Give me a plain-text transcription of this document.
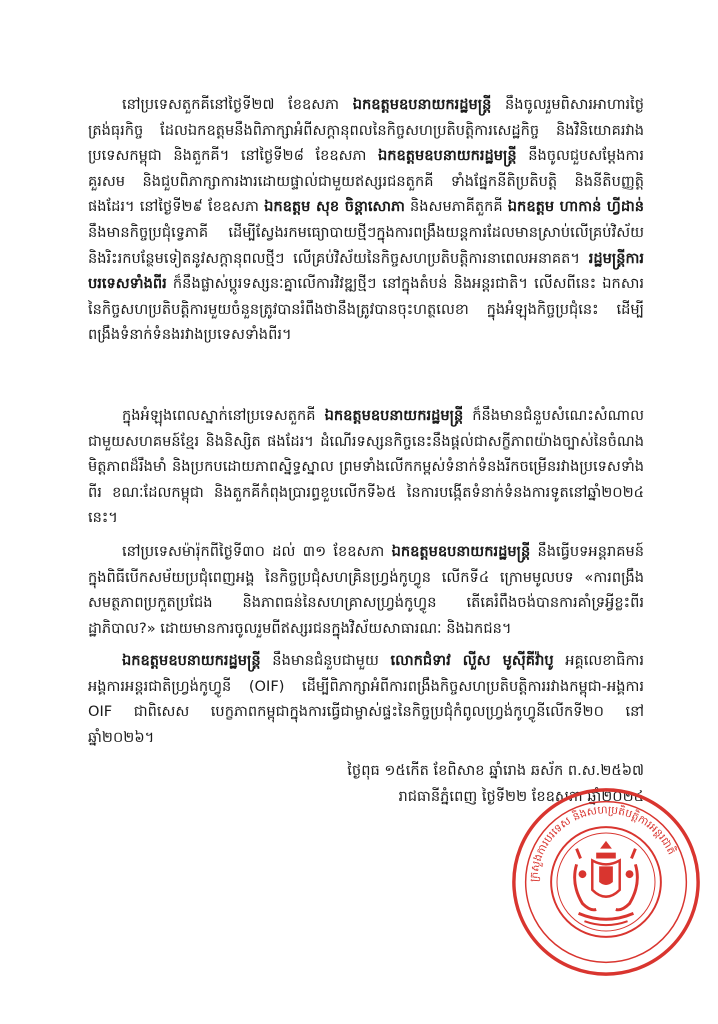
នៅប្រទេសតួកគីនៅថ្ងៃទី២៧ ខែឧសភា ឯកឧត្តមឧបនាយករដ្ឋមន្ត្រី នឹងចូលរួមពិសារអាហារថ្ងៃត្រង់ធុរកិច្ច ដែលឯកឧត្តមនឹងពិភាក្សាអំពីសក្តានុពលនៃកិច្ចសហប្រតិបត្តិការសេដ្ឋកិច្ច និងវិនិយោគរវាងប្រទេសកម្ពុជា និងតួកគី។ នៅថ្ងៃទី២៨ ខែឧសភា ឯកឧត្តមឧបនាយករដ្ឋមន្ត្រី នឹងចូលជួបសម្តែងការគួរសម និងជួបពិភាក្សាការងារដោយផ្ទាល់ជាមួយឥស្សរជនតួកគី ទាំងផ្នែកនីតិប្រតិបត្តិ និងនីតិបញ្ញត្តិផងដែរ។ នៅថ្ងៃទី២៩ ខែឧសភា ឯកឧត្តម សុខ ចិន្តាសោភា និងសមភាគីតួកគី ឯកឧត្តម ហាកាន់ ហ្វីដាន់ នឹងមានកិច្ចប្រជុំទ្វេភាគី ដើម្បីស្វែងរកមធ្យោបាយថ្មីៗក្នុងការពង្រឹងយន្តការដែលមានស្រាប់លើគ្រប់វិស័យ និងរិះរកបន្ថែមទៀតនូវសក្តានុពលថ្មីៗ លើគ្រប់វិស័យនៃកិច្ចសហប្រតិបត្តិការនាពេលអនាគត។ រដ្ឋមន្ត្រីការបរទេសទាំងពីរ ក៏នឹងផ្លាស់ប្តូរទស្សនៈគ្នាលើការវិវឌ្ឍថ្មីៗ នៅក្នុងតំបន់ និងអន្តរជាតិ។ លើសពីនេះ ឯកសារនៃកិច្ចសហប្រតិបត្តិការមួយចំនួនត្រូវបានរំពឹងថានឹងត្រូវបានចុះហត្ថលេខា ក្នុងអំឡុងកិច្ចប្រជុំនេះ ដើម្បីពង្រឹងទំនាក់ទំនងរវាងប្រទេសទាំងពីរ។
ក្នុងអំឡុងពេលស្នាក់នៅប្រទេសតួកគី ឯកឧត្តមឧបនាយករដ្ឋមន្ត្រី ក៏នឹងមានជំនួបសំណេះសំណាលជាមួយសហគមន៍ខ្មែរ និងនិស្សិត ផងដែរ។ ដំណើរទស្សនកិច្ចនេះនឹងផ្តល់ជាសក្ខីភាពយ៉ាងច្បាស់នៃចំណងមិត្តភាពដ៏រឹងមាំ និងប្រកបដោយភាពស្និទ្ធស្នាល ព្រមទាំងលើកកម្ពស់ទំនាក់ទំនងរីកចម្រើនរវាងប្រទេសទាំងពីរ ខណៈដែលកម្ពុជា និងតួកគីកំពុងប្រារព្ធខួបលើកទី៦៥ នៃការបង្កើតទំនាក់ទំនងការទូតនៅឆ្នាំ២០២៤ នេះ។
នៅប្រទេសម៉ារ៉ុកពីថ្ងៃទី៣០ ដល់ ៣១ ខែឧសភា ឯកឧត្តមឧបនាយករដ្ឋមន្ត្រី នឹងធ្វើបទអន្តរាគមន៍ ក្នុងពិធីបើកសម័យប្រជុំពេញអង្គ នៃកិច្ចប្រជុំសហគ្រិនហ្វ្រង់កូហ្វូន លើកទី៤ ក្រោមមូលបទ «ការពង្រឹងសមត្ថភាពប្រកួតប្រជែង និងភាពធន់នៃសហគ្រាសហ្វ្រង់កូហ្វូន តើគេរំពឹងចង់បានការគាំទ្រអ្វីខ្លះពីរដ្ឋាភិបាល?» ដោយមានការចូលរួមពីឥស្សរជនក្នុងវិស័យសាធារណៈ និងឯកជន។
ឯកឧត្តមឧបនាយករដ្ឋមន្ត្រី នឹងមានជំនួបជាមួយ លោកជំទាវ លួីស មូស៊ីគីវ៉ាបូ អគ្គលេខាធិការអង្គការអន្តរជាតិហ្វ្រង់កូហ្វូនី (OIF) ដើម្បីពិភាក្សាអំពីការពង្រឹងកិច្ចសហប្រតិបត្តិការរវាងកម្ពុជា-អង្គការ OIF ជាពិសេស បេក្ខភាពកម្ពុជាក្នុងការធ្វើជាម្ចាស់ផ្ទះនៃកិច្ចប្រជុំកំពូលហ្វ្រង់កូហ្វូនីលើកទី២០ នៅឆ្នាំ២០២៦។
ថ្ងៃពុធ ១៥កើត ខែពិសាខ ឆ្នាំរោង ឆស័ក ព.ស.២៥៦៧
រាជធានីភ្នំពេញ ថ្ងៃទី២២ ខែឧសភា ឆ្នាំ២០២៤
ក្រសួងការបរទេស និងសហប្រតិបត្តិការអន្តរជាតិ
